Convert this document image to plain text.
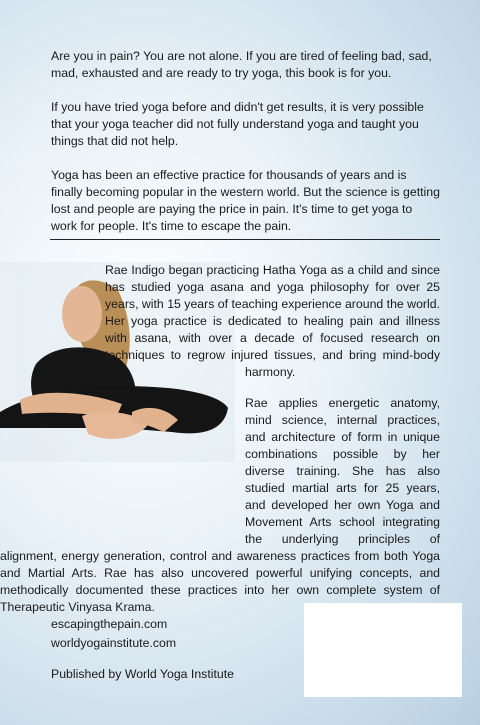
Are you in pain? You are not alone. If you are tired of feeling bad, sad, mad, exhausted and are ready to try yoga, this book is for you.

If you have tried yoga before and didn't get results, it is very possible that your yoga teacher did not fully understand yoga and taught you things that did not help.

Yoga has been an effective practice for thousands of years and is finally becoming popular in the western world. But the science is getting lost and people are paying the price in pain. It's time to get yoga to work for people. It's time to escape the pain.

Rae Indigo began practicing Hatha Yoga as a child and since has studied yoga asana and yoga philosophy for over 25 years, with 15 years of teaching experience around the world. Her yoga practice is dedicated to healing pain and illness with asana, with over a decade of focused research on techniques to regrow injured tissues, and bring mind-body harmony.

Rae applies energetic anatomy, mind science, internal practices, and architecture of form in unique combinations possible by her diverse training. She has also studied martial arts for 25 years, and developed her own Yoga and Movement Arts school integrating the underlying principles of alignment, energy generation, control and awareness practices from both Yoga and Martial Arts. Rae has also uncovered powerful unifying concepts, and methodically documented these practices into her own complete system of Therapeutic Vinyasa Krama.

escapingthepain.com
worldyogainstitute.com
Published by World Yoga Institute
